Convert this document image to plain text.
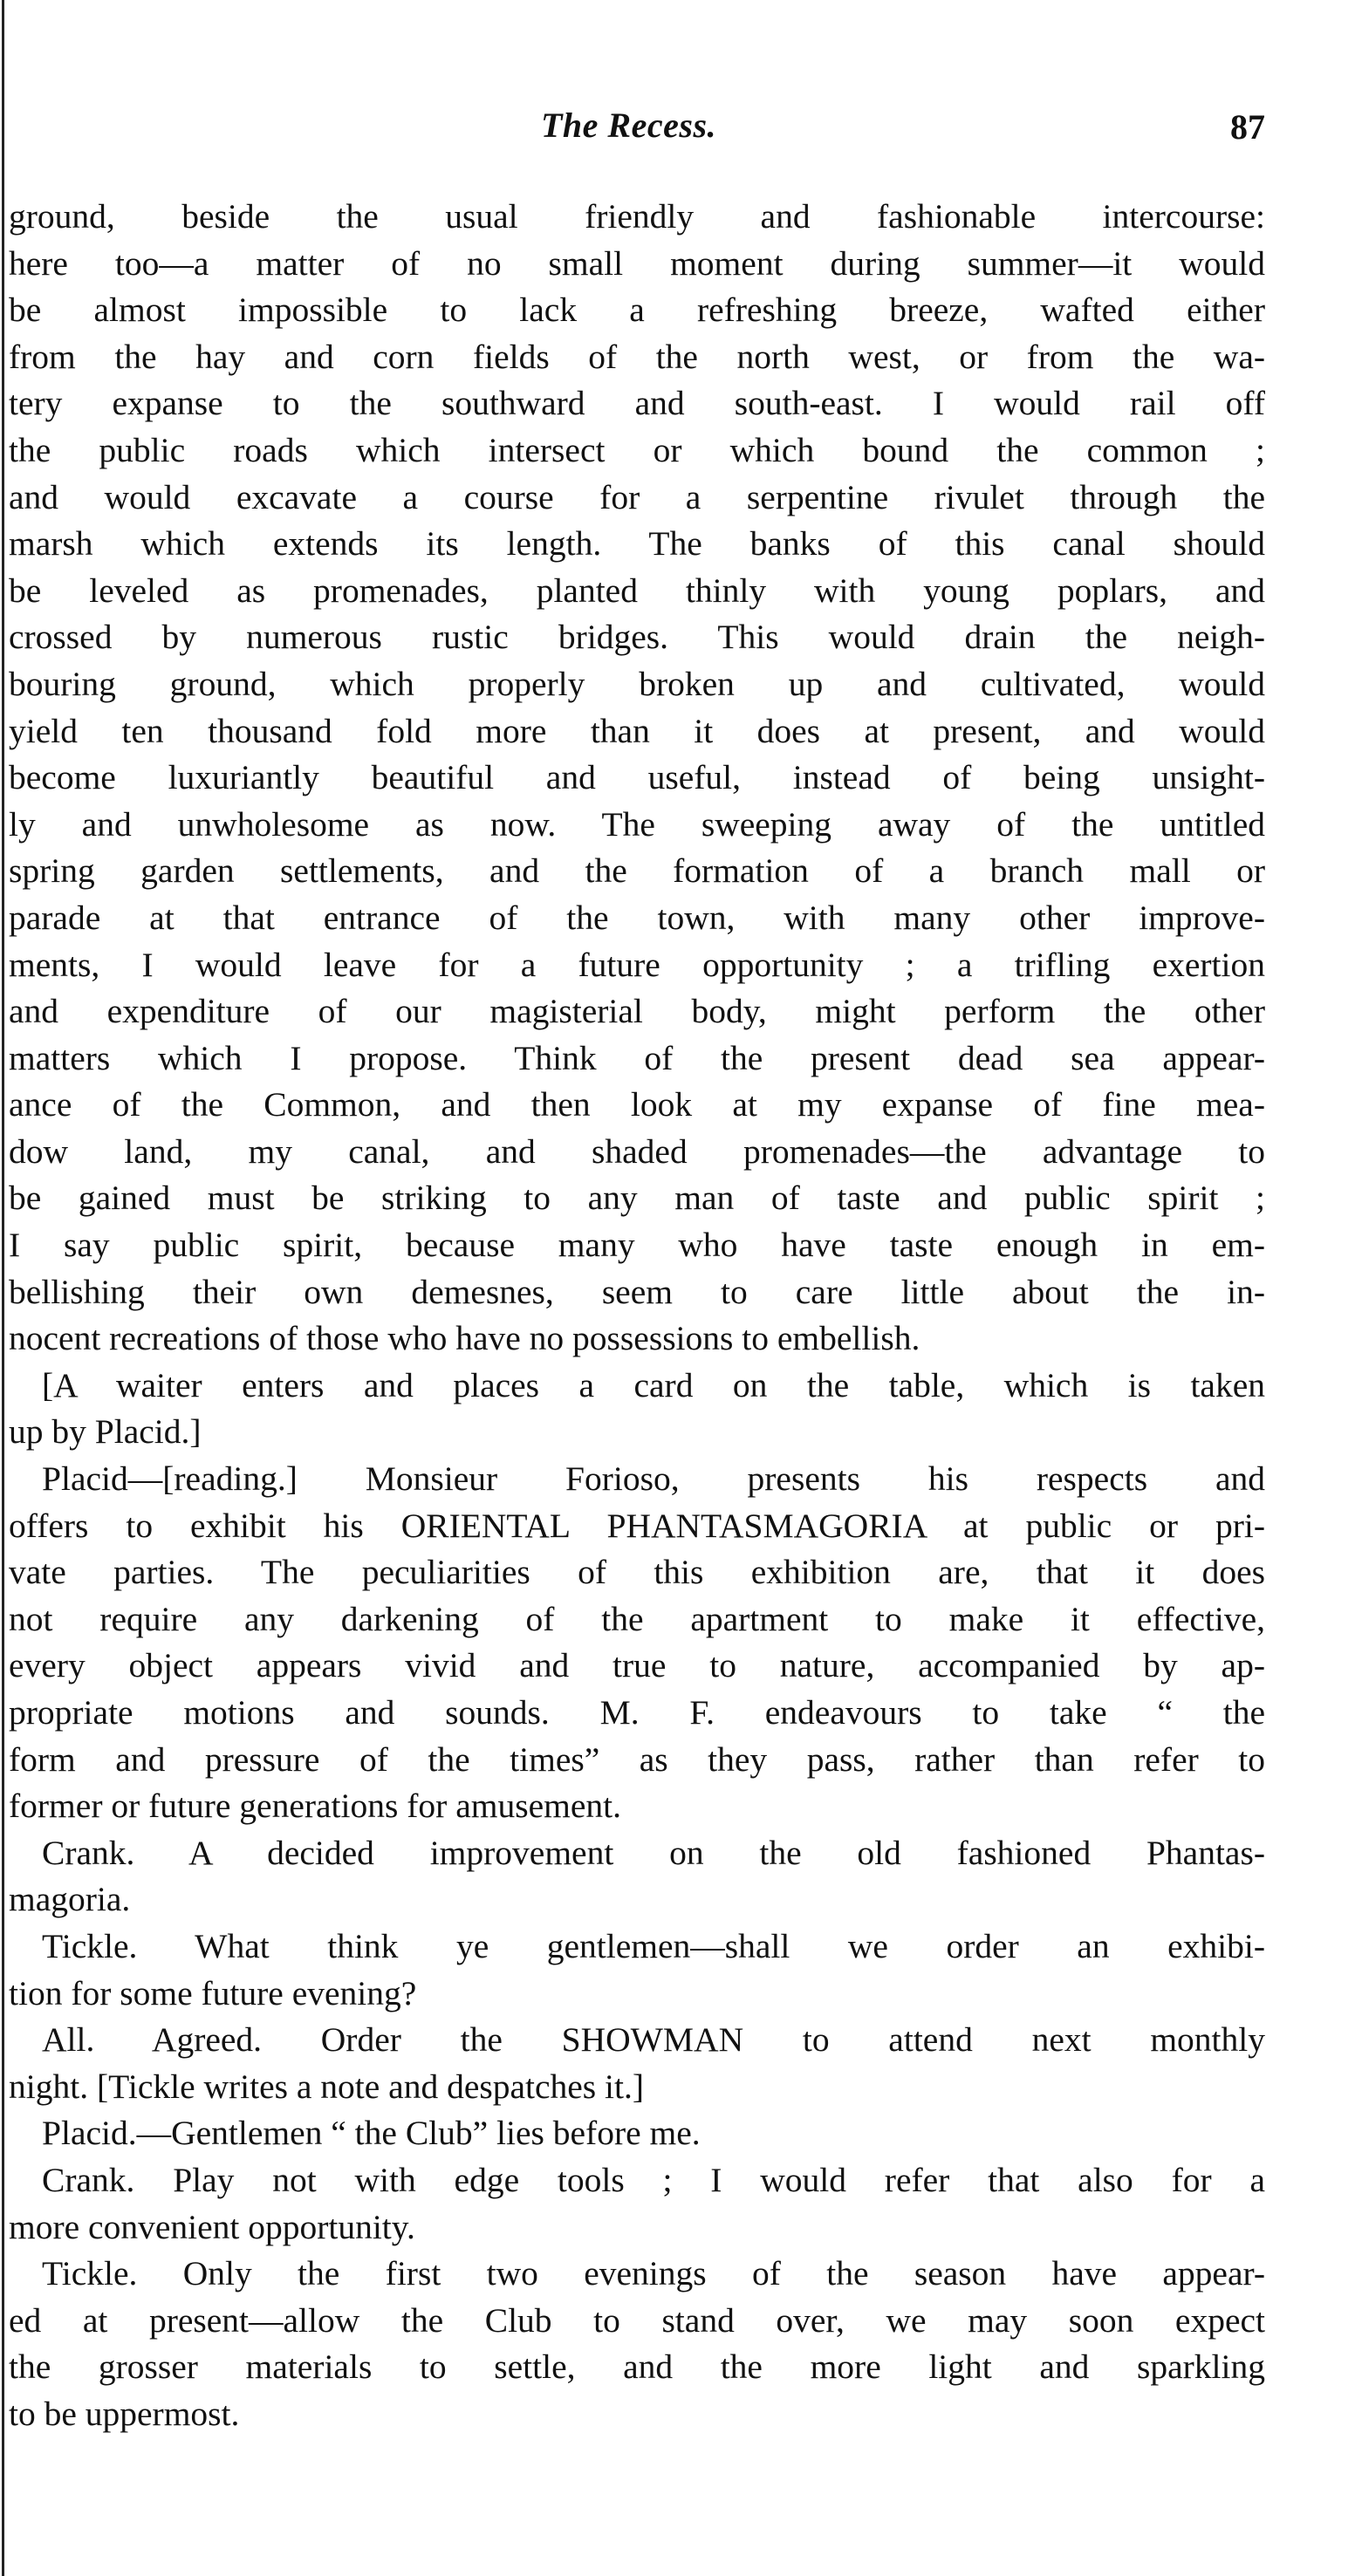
The Recess.	87
ground, beside the usual friendly and fashionable intercourse:
here too—a matter of no small moment during summer—it would
be almost impossible to lack a refreshing breeze, wafted either
from the hay and corn fields of the north west, or from the wa-
tery expanse to the southward and south-east. I would rail off
the public roads which intersect or which bound the common ;
and would excavate a course for a serpentine rivulet through the
marsh which extends its length. The banks of this canal should
be leveled as promenades, planted thinly with young poplars, and
crossed by numerous rustic bridges. This would drain the neigh-
bouring ground, which properly broken up and cultivated, would
yield ten thousand fold more than it does at present, and would
become luxuriantly beautiful and useful, instead of being unsight-
ly and unwholesome as now. The sweeping away of the untitled
spring garden settlements, and the formation of a branch mall or
parade at that entrance of the town, with many other improve-
ments, I would leave for a future opportunity ; a trifling exertion
and expenditure of our magisterial body, might perform the other
matters which I propose. Think of the present dead sea appear-
ance of the Common, and then look at my expanse of fine mea-
dow land, my canal, and shaded promenades—the advantage to
be gained must be striking to any man of taste and public spirit ;
I say public spirit, because many who have taste enough in em-
bellishing their own demesnes, seem to care little about the in-
nocent recreations of those who have no possessions to embellish.
[A waiter enters and places a card on the table, which is taken
up by Placid.]
Placid—[reading.] Monsieur Forioso, presents his respects and
offers to exhibit his ORIENTAL PHANTASMAGORIA at public or pri-
vate parties. The peculiarities of this exhibition are, that it does
not require any darkening of the apartment to make it effective,
every object appears vivid and true to nature, accompanied by ap-
propriate motions and sounds. M. F. endeavours to take “ the
form and pressure of the times” as they pass, rather than refer to
former or future generations for amusement.
Crank. A decided improvement on the old fashioned Phantas-
magoria.
Tickle. What think ye gentlemen—shall we order an exhibi-
tion for some future evening?
All. Agreed. Order the SHOWMAN to attend next monthly
night. [Tickle writes a note and despatches it.]
Placid.—Gentlemen “ the Club” lies before me.
Crank. Play not with edge tools ; I would refer that also for a
more convenient opportunity.
Tickle. Only the first two evenings of the season have appear-
ed at present—allow the Club to stand over, we may soon expect
the grosser materials to settle, and the more light and sparkling
to be uppermost.
